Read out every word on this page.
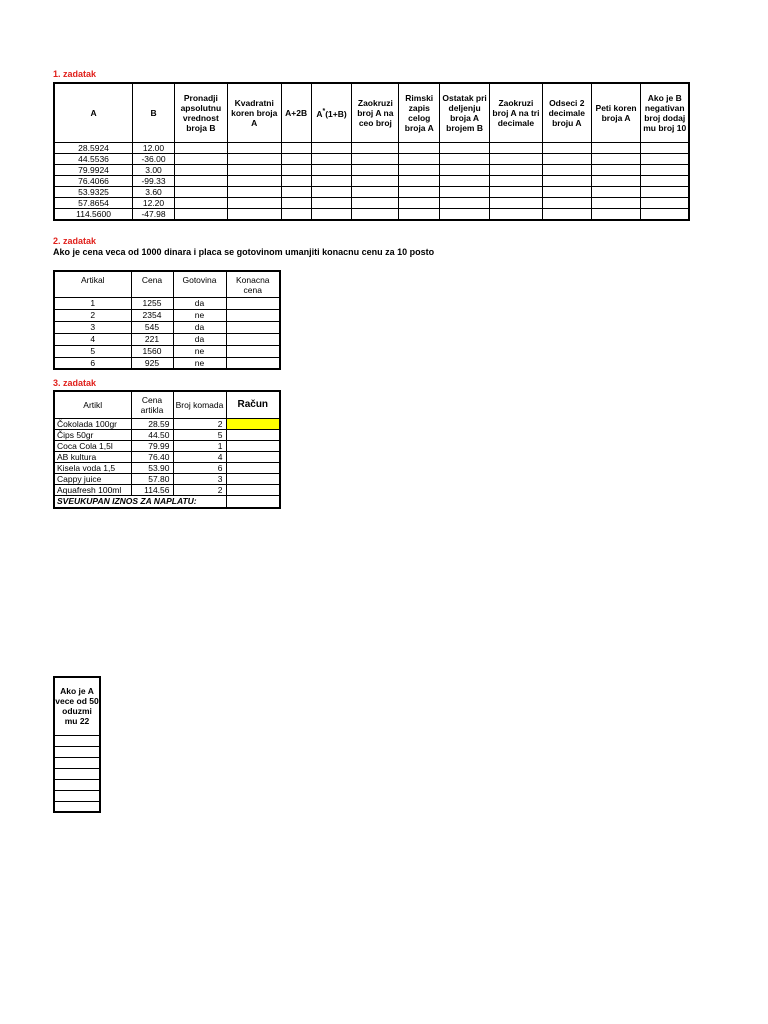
1. zadatak
A	B	Pronadji apsolutnu vrednost broja B	Kvadratni koren broja A	A+2B	A*(1+B)	Zaokruzi broj A na ceo broj	Rimski zapis celog broja A	Ostatak pri deljenju broja A brojem B	Zaokruzi broj A na tri decimale	Odseci 2 decimale broju A	Peti koren broja A	Ako je B negativan broj dodaj mu broj 10
28.5924	12.00											
44.5536	-36.00											
79.9924	3.00											
76.4066	-99.33											
53.9325	3.60											
57.8654	12.20											
114.5600	-47.98											
2. zadatak
Ako je cena veca od 1000 dinara i placa se gotovinom umanjiti konacnu cenu za 10 posto
Artikal	Cena	Gotovina	Konacna cena
1	1255	da	
2	2354	ne	
3	545	da	
4	221	da	
5	1560	ne	
6	925	ne	
3. zadatak
Artikl	Cena artikla	Broj komada	Račun
Čokolada 100gr	28.59	2	
Čips 50gr	44.50	5	
Coca Cola 1,5l	79.99	1	
AB kultura	76.40	4	
Kisela voda 1,5	53.90	6	
Cappy juice	57.80	3	
Aquafresh 100ml	114.56	2	
SVEUKUPAN IZNOS ZA NAPLATU:			
Ako je A vece od 50 oduzmi mu 22
